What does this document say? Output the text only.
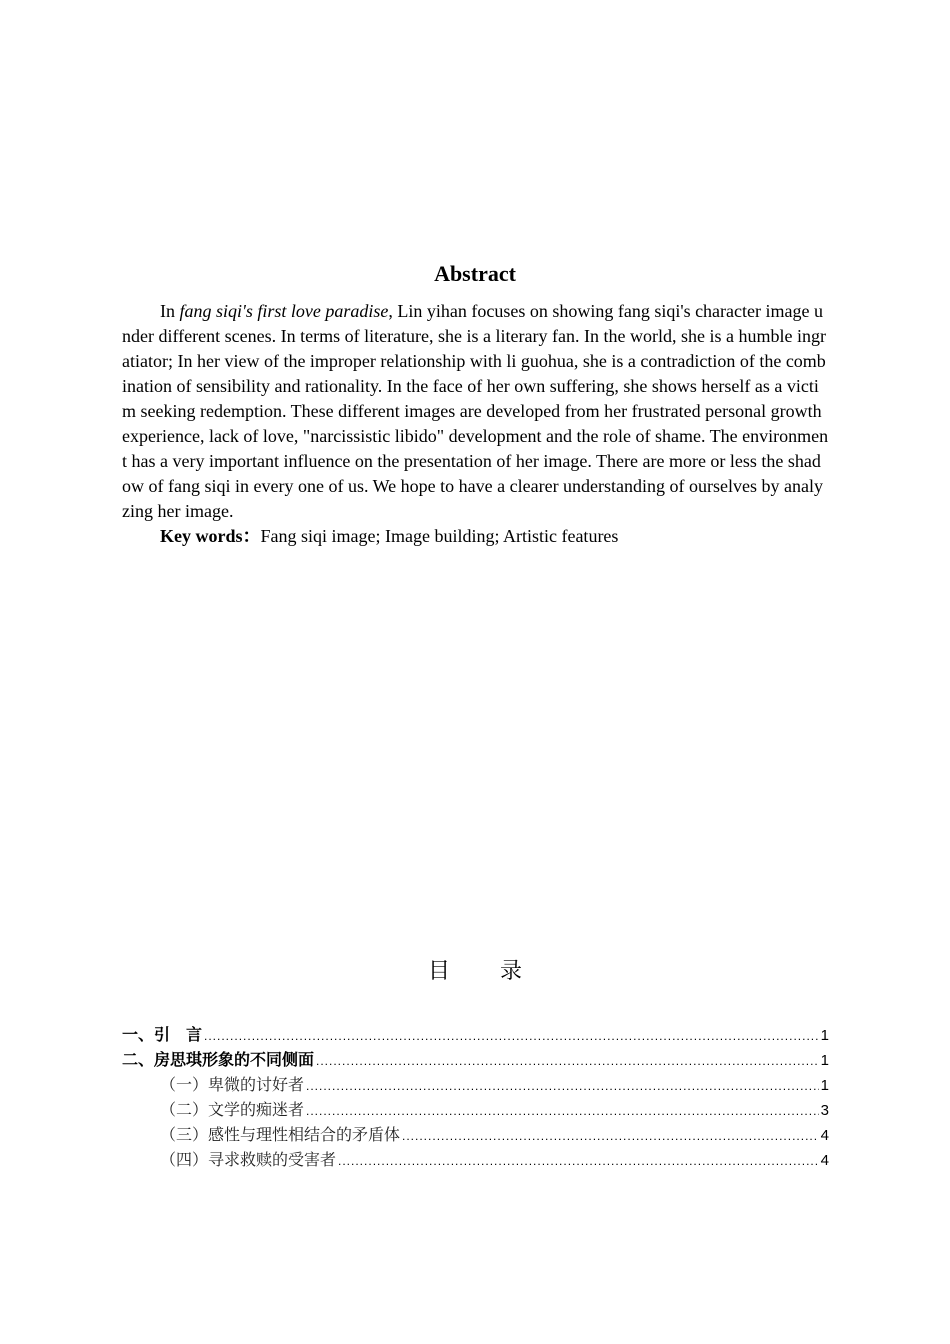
Abstract

In fang siqi's first love paradise, Lin yihan focuses on showing fang siqi's character image under different scenes. In terms of literature, she is a literary fan. In the world, she is a humble ingratiator; In her view of the improper relationship with li guohua, she is a contradiction of the combination of sensibility and rationality. In the face of her own suffering, she shows herself as a victim seeking redemption. These different images are developed from her frustrated personal growth experience, lack of love, "narcissistic libido" development and the role of shame. The environment has a very important influence on the presentation of her image. There are more or less the shadow of fang siqi in every one of us. We hope to have a clearer understanding of ourselves by analyzing her image.

Key words：Fang siqi image; Image building; Artistic features
目 录
一、引　言 .....	1
二、房思琪形象的不同侧面 .....	1
（一）卑微的讨好者 .....	1
（二）文学的痴迷者 .....	3
（三）感性与理性相结合的矛盾体 .....	4
（四）寻求救赎的受害者 .....	4
